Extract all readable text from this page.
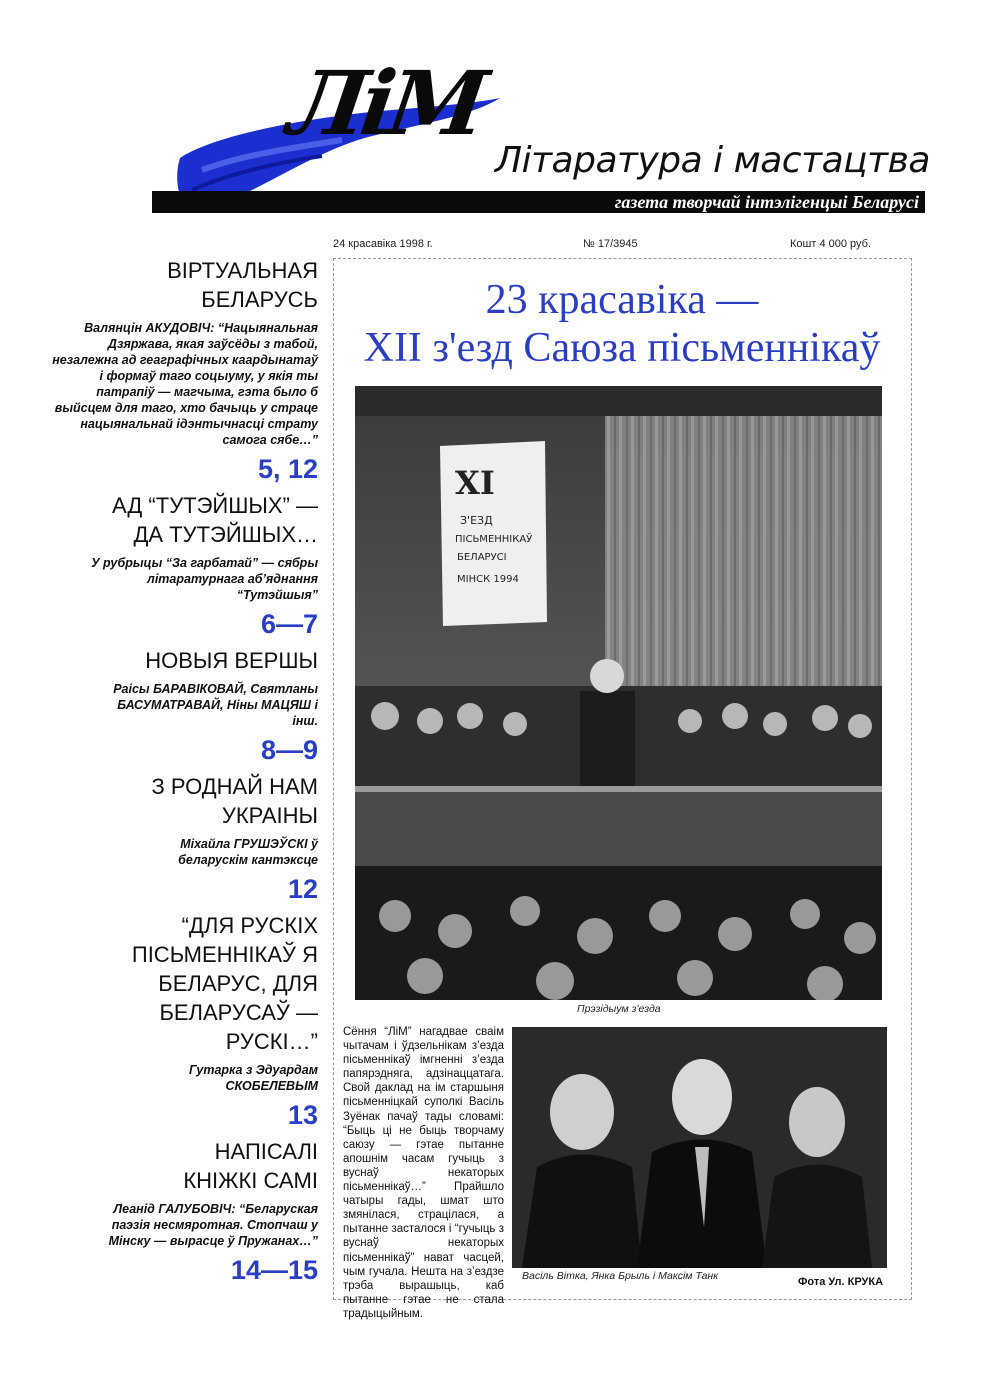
ЛіМ
Літаратура і мастацтва
газета творчай інтэлігенцыі Беларусі
24 красавіка 1998 г.	№ 17/3945	Кошт 4 000 руб.
ВІРТУАЛЬНАЯ БЕЛАРУСЬ
Валянцін АКУДОВІЧ: “Нацыянальная Дзяржава, якая заўсёды з табой, незалежна ад геаграфічных каардынатаў і формаў таго соцыуму, у якія ты патрапіў — магчыма, гэта было б выйсцем для таго, хто бачыць у страце нацыянальнай ідэнтычнасці страту самога сябе…”
5, 12
АД “ТУТЭЙШЫХ” — ДА ТУТЭЙШЫХ…
У рубрыцы “За гарбатай” — сябры літаратурнага аб’яднання “Тутэйшыя”
6—7
НОВЫЯ ВЕРШЫ
Раісы БАРАВІКОВАЙ, Святланы БАСУМАТРАВАЙ, Ніны МАЦЯШ і інш.
8—9
З РОДНАЙ НАМ УКРАІНЫ
Міхайла ГРУШЭЎСКІ ў беларускім кантэксце
12
“ДЛЯ РУСКІХ ПІСЬМЕННІКАЎ Я БЕЛАРУС, ДЛЯ БЕЛАРУСАЎ — РУСКІ…”
Гутарка з Эдуардам СКОБЕЛЕВЫМ
13
НАПІСАЛІ КНІЖКІ САМІ
Леанід ГАЛУБОВІЧ: “Беларуская паэзія несмяротная. Стопчаш у Мінску — вырасце ў Пружанах…”
14—15
23 красавіка —
XII з'езд Саюза пісьменнікаў
XI
З'ЕЗД
ПІСЬМЕННІКАЎ
БЕЛАРУСІ
МІНСК 1994
Прэзідыум з'езда
Сёння “ЛіМ” нагадвае сваім чытачам і ўдзельнікам з’езда пісьменнікаў імгненні з’езда папярэдняга, адзінаццатага. Свой даклад на ім старшыня пісьменніцкай суполкі Васіль Зуёнак пачаў тады словамі: “Быць ці не быць творчаму саюзу — гэтае пытанне апошнім часам гучыць з вуснаў некаторых пісьменнікаў…” Прайшло чатыры гады, шмат што змянілася, страцілася, а пытанне засталося і “гучыць з вуснаў некаторых пісьменнікаў” нават часцей, чым гучала. Нешта на з’ездзе трэба вырашыць, каб пытанне гэтае не стала традыцыйным.
Васіль Вітка, Янка Брыль і Максім Танк	Фота Ул. КРУКА
